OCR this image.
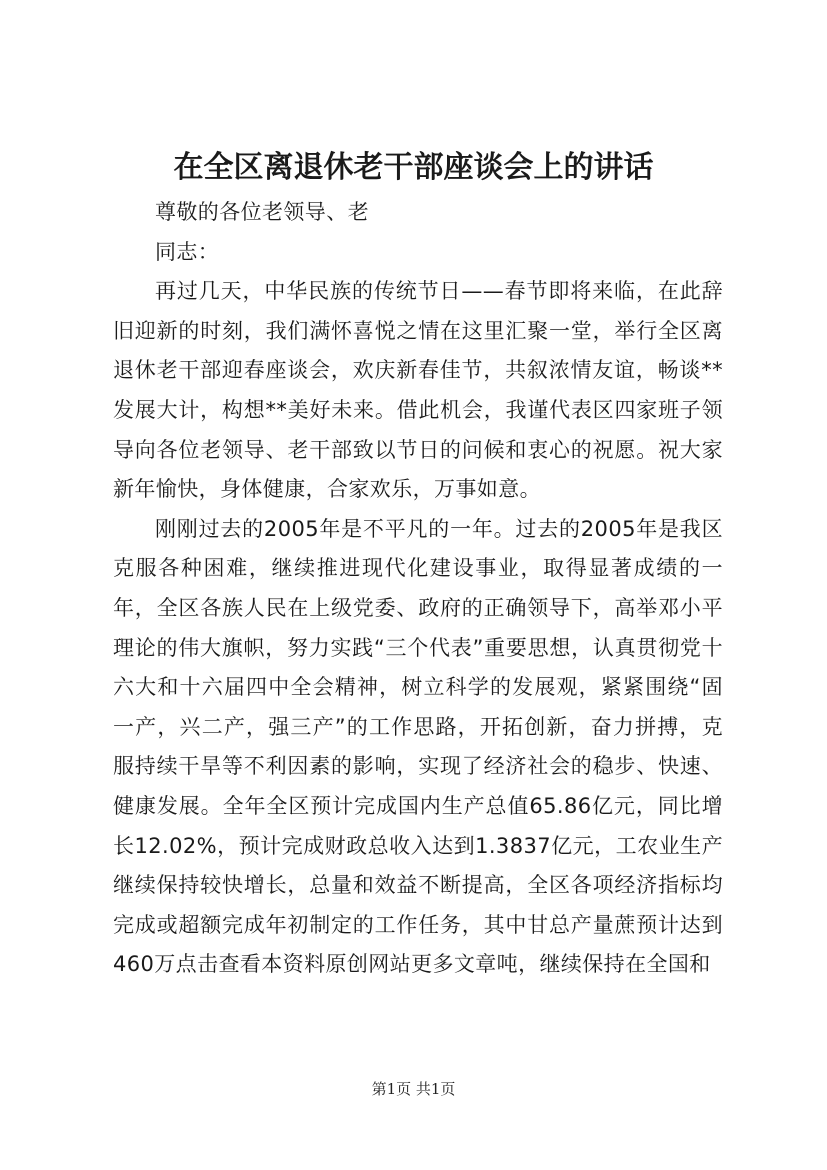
在全区离退休老干部座谈会上的讲话

尊敬的各位老领导、老

同志：

再过几天，中华民族的传统节日——春节即将来临，在此辞旧迎新的时刻，我们满怀喜悦之情在这里汇聚一堂，举行全区离退休老干部迎春座谈会，欢庆新春佳节，共叙浓情友谊，畅谈**发展大计，构想**美好未来。借此机会，我谨代表区四家班子领导向各位老领导、老干部致以节日的问候和衷心的祝愿。祝大家新年愉快，身体健康，合家欢乐，万事如意。

刚刚过去的2005年是不平凡的一年。过去的2005年是我区克服各种困难，继续推进现代化建设事业，取得显著成绩的一年，全区各族人民在上级党委、政府的正确领导下，高举邓小平理论的伟大旗帜，努力实践“三个代表”重要思想，认真贯彻党十六大和十六届四中全会精神，树立科学的发展观，紧紧围绕“固一产，兴二产，强三产”的工作思路，开拓创新，奋力拼搏，克服持续干旱等不利因素的影响，实现了经济社会的稳步、快速、健康发展。全年全区预计完成国内生产总值65.86亿元，同比增长12.02%，预计完成财政总收入达到1.3837亿元，工农业生产继续保持较快增长，总量和效益不断提高，全区各项经济指标均完成或超额完成年初制定的工作任务，其中甘总产量蔗预计达到460万点击查看本资料原创网站更多文章吨，继续保持在全国和

第1页 共1页
